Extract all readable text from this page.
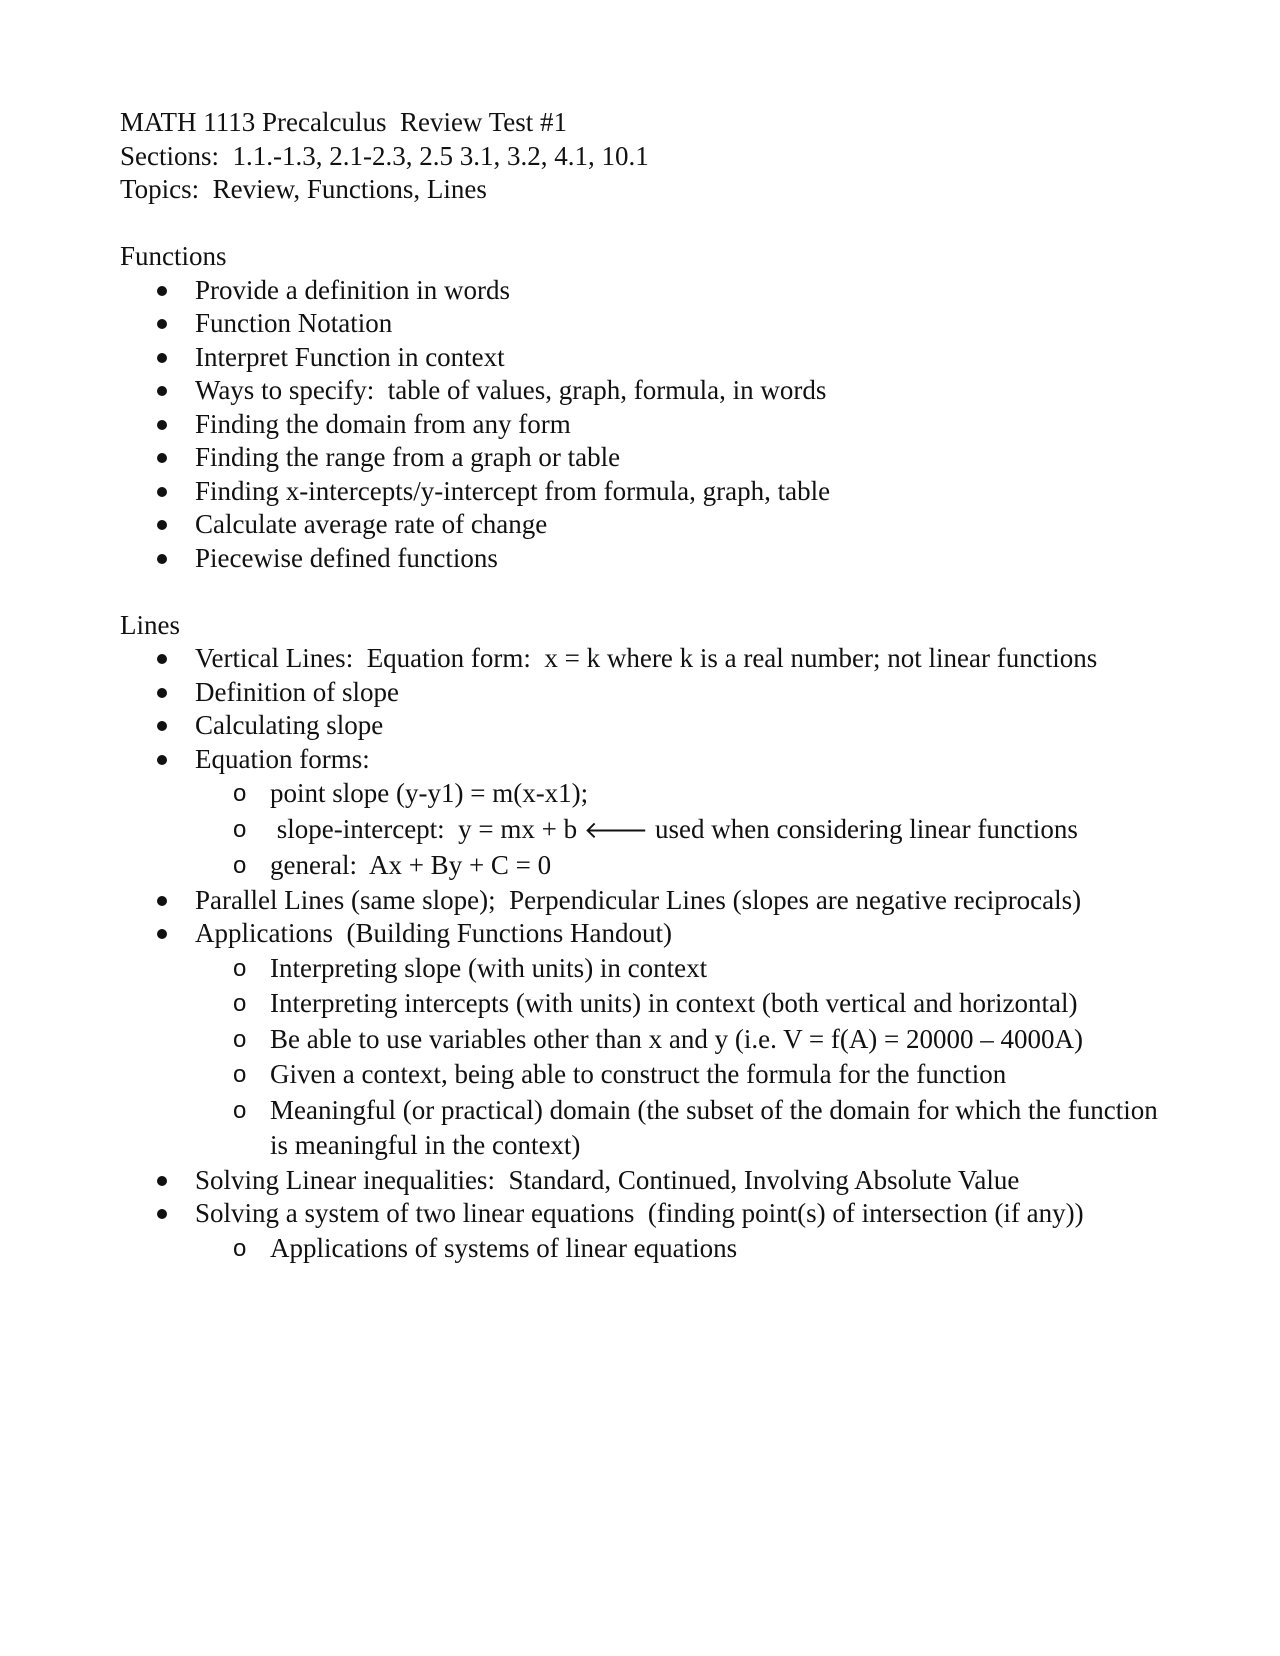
MATH 1113 Precalculus  Review Test #1
Sections:  1.1.-1.3, 2.1-2.3, 2.5 3.1, 3.2, 4.1, 10.1
Topics:  Review, Functions, Lines
Functions
Provide a definition in words
Function Notation
Interpret Function in context
Ways to specify:  table of values, graph, formula, in words
Finding the domain from any form
Finding the range from a graph or table
Finding x-intercepts/y-intercept from formula, graph, table
Calculate average rate of change
Piecewise defined functions
Lines
Vertical Lines:  Equation form:  x = k where k is a real number; not linear functions
Definition of slope
Calculating slope
Equation forms:
o point slope (y-y1) = m(x-x1);
o  slope-intercept:  y = mx + b 🡐 used when considering linear functions
o general:  Ax + By + C = 0
Parallel Lines (same slope);  Perpendicular Lines (slopes are negative reciprocals)
Applications  (Building Functions Handout)
o Interpreting slope (with units) in context
o Interpreting intercepts (with units) in context (both vertical and horizontal)
o Be able to use variables other than x and y (i.e. V = f(A) = 20000 – 4000A)
o Given a context, being able to construct the formula for the function
o Meaningful (or practical) domain (the subset of the domain for which the function is meaningful in the context)
Solving Linear inequalities:  Standard, Continued, Involving Absolute Value
Solving a system of two linear equations  (finding point(s) of intersection (if any))
o Applications of systems of linear equations
